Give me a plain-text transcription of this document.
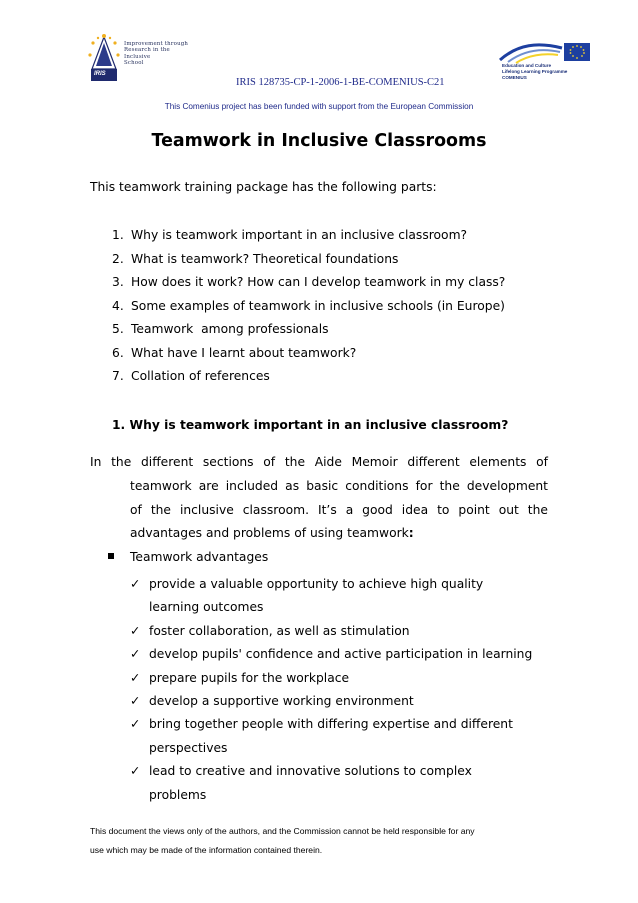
IRIS
Improvement through
Research in the
Inclusive
School
IRIS 128735-CP-1-2006-1-BE-COMENIUS-C21
Education and Culture
Lifelong Learning Programme
COMENIUS
This Comenius project has been funded with support from the European Commission
Teamwork in Inclusive Classrooms
This teamwork training package has the following parts:
1. Why is teamwork important in an inclusive classroom?
2. What is teamwork? Theoretical foundations
3. How does it work? How can I develop teamwork in my class?
4. Some examples of teamwork in inclusive schools (in Europe)
5. Teamwork  among professionals
6. What have I learnt about teamwork?
7. Collation of references
1. Why is teamwork important in an inclusive classroom?
In the different sections of the Aide Memoir different elements of
teamwork are included as basic conditions for the development
of the inclusive classroom. It’s a good idea to point out the
advantages and problems of using teamwork:
Teamwork advantages
✓ provide a valuable opportunity to achieve high quality
learning outcomes
✓ foster collaboration, as well as stimulation
✓ develop pupils' confidence and active participation in learning
✓ prepare pupils for the workplace
✓ develop a supportive working environment
✓ bring together people with differing expertise and different
perspectives
✓ lead to creative and innovative solutions to complex
problems
This document the views only of the authors, and the Commission cannot be held responsible for any
use which may be made of the information contained therein.
